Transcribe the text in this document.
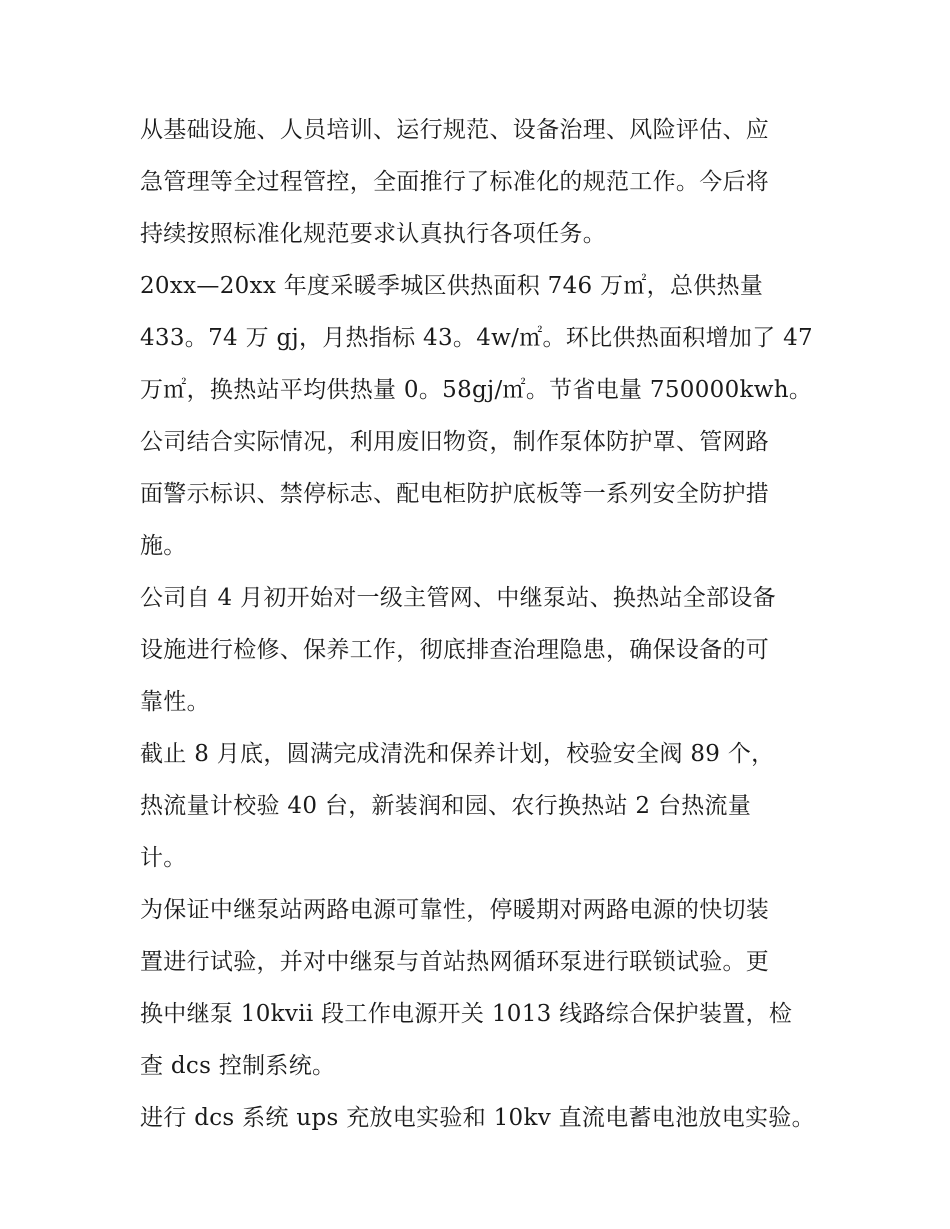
从基础设施、人员培训、运行规范、设备治理、风险评估、应
急管理等全过程管控，全面推行了标准化的规范工作。今后将
持续按照标准化规范要求认真执行各项任务。
20xx—20xx 年度采暖季城区供热面积 746 万㎡，总供热量
433。74 万 gj，月热指标 43。4w/㎡。环比供热面积增加了 47
万㎡，换热站平均供热量 0。58gj/㎡。节省电量 750000kwh。
公司结合实际情况，利用废旧物资，制作泵体防护罩、管网路
面警示标识、禁停标志、配电柜防护底板等一系列安全防护措
施。
公司自 4 月初开始对一级主管网、中继泵站、换热站全部设备
设施进行检修、保养工作，彻底排查治理隐患，确保设备的可
靠性。
截止 8 月底，圆满完成清洗和保养计划，校验安全阀 89 个，
热流量计校验 40 台，新装润和园、农行换热站 2 台热流量
计。
为保证中继泵站两路电源可靠性，停暖期对两路电源的快切装
置进行试验，并对中继泵与首站热网循环泵进行联锁试验。更
换中继泵 10kvii 段工作电源开关 1013 线路综合保护装置，检
查 dcs 控制系统。
进行 dcs 系统 ups 充放电实验和 10kv 直流电蓄电池放电实验。
